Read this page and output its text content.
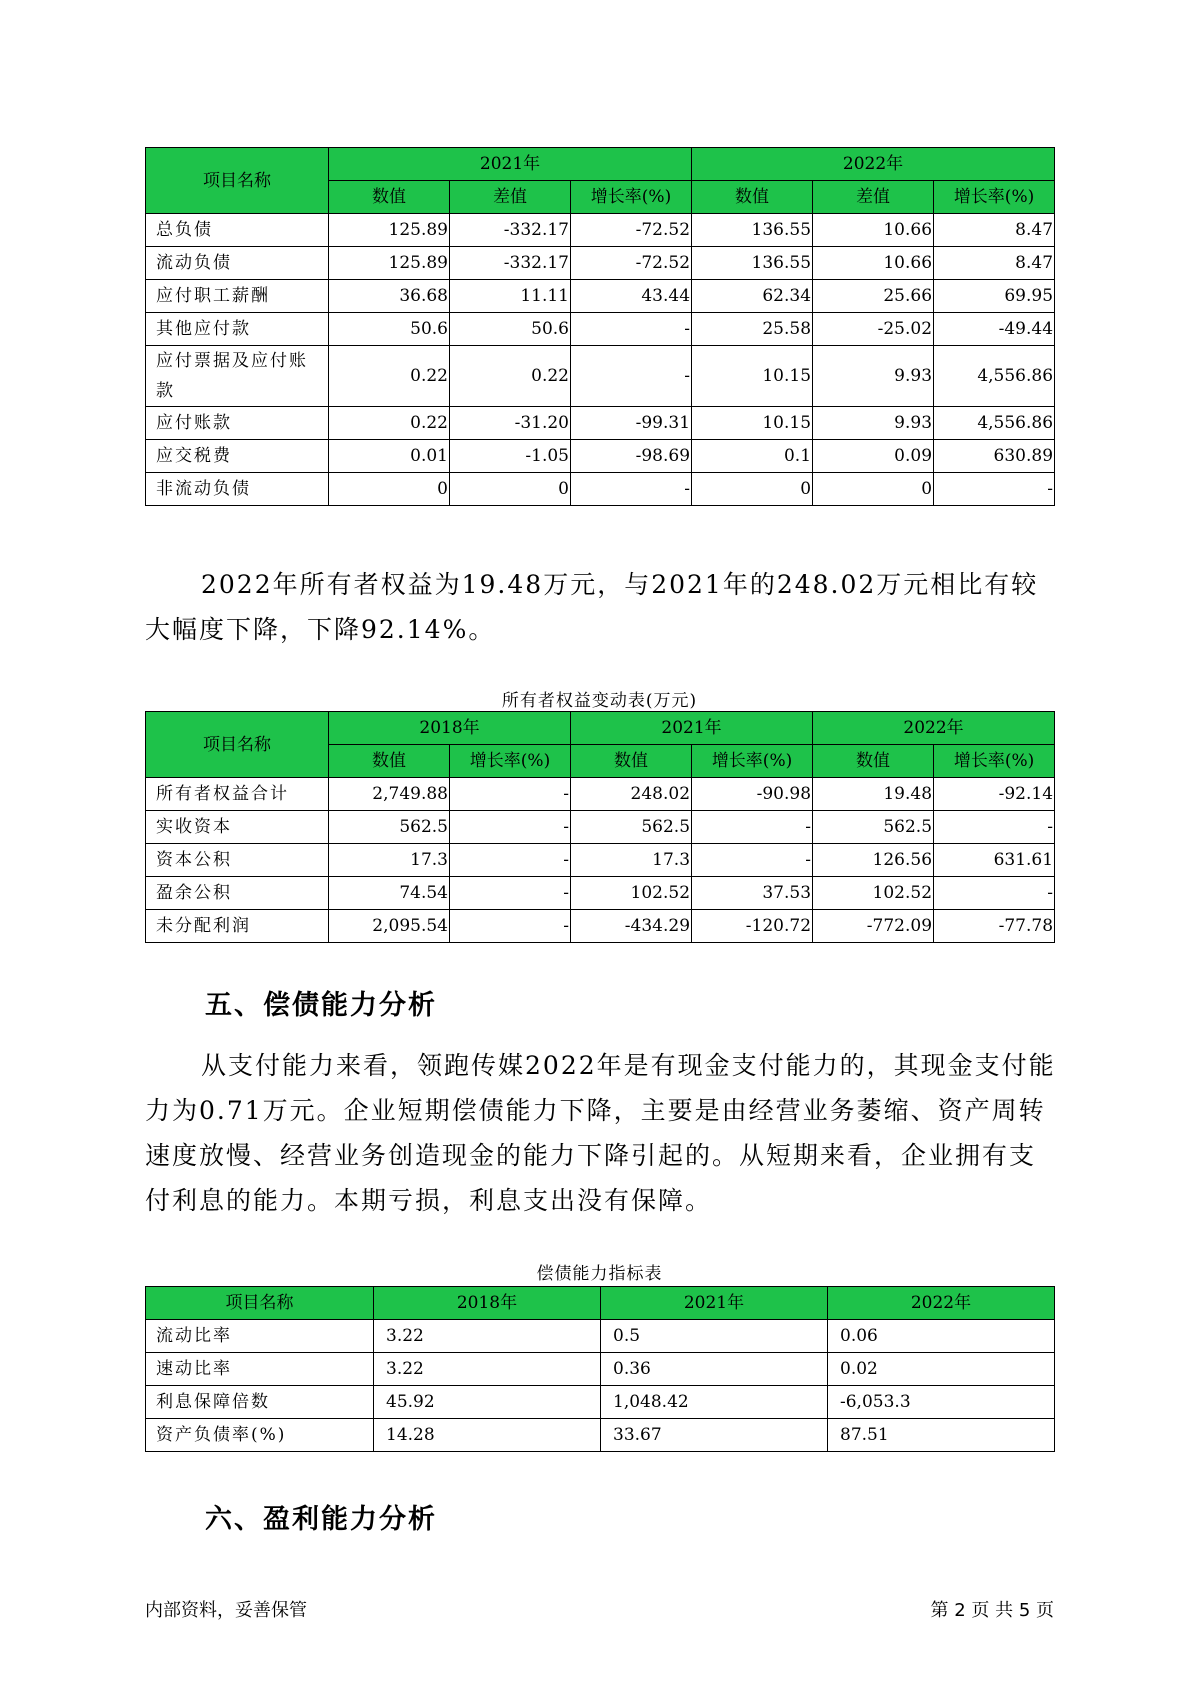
项目名称	2021年			2022年		
	数值	差值	增长率(%)	数值	差值	增长率(%)
总负债	125.89	-332.17	-72.52	136.55	10.66	8.47
流动负债	125.89	-332.17	-72.52	136.55	10.66	8.47
应付职工薪酬	36.68	11.11	43.44	62.34	25.66	69.95
其他应付款	50.6	50.6	-	25.58	-25.02	-49.44
应付票据及应付账款	0.22	0.22	-	10.15	9.93	4,556.86
应付账款	0.22	-31.20	-99.31	10.15	9.93	4,556.86
应交税费	0.01	-1.05	-98.69	0.1	0.09	630.89
非流动负债	0	0	-	0	0	-

2022年所有者权益为19.48万元，与2021年的248.02万元相比有较大幅度下降，下降92.14%。

所有者权益变动表(万元)
项目名称	2018年		2021年		2022年	
	数值	增长率(%)	数值	增长率(%)	数值	增长率(%)
所有者权益合计	2,749.88	-	248.02	-90.98	19.48	-92.14
实收资本	562.5	-	562.5	-	562.5	-
资本公积	17.3	-	17.3	-	126.56	631.61
盈余公积	74.54	-	102.52	37.53	102.52	-
未分配利润	2,095.54	-	-434.29	-120.72	-772.09	-77.78
五、偿债能力分析

从支付能力来看，领跑传媒2022年是有现金支付能力的，其现金支付能力为0.71万元。企业短期偿债能力下降，主要是由经营业务萎缩、资产周转速度放慢、经营业务创造现金的能力下降引起的。从短期来看，企业拥有支付利息的能力。本期亏损，利息支出没有保障。

偿债能力指标表
项目名称	2018年	2021年	2022年
流动比率	3.22	0.5	0.06
速动比率	3.22	0.36	0.02
利息保障倍数	45.92	1,048.42	-6,053.3
资产负债率(%)	14.28	33.67	87.51
六、盈利能力分析
内部资料，妥善保管	第 2 页 共 5 页
